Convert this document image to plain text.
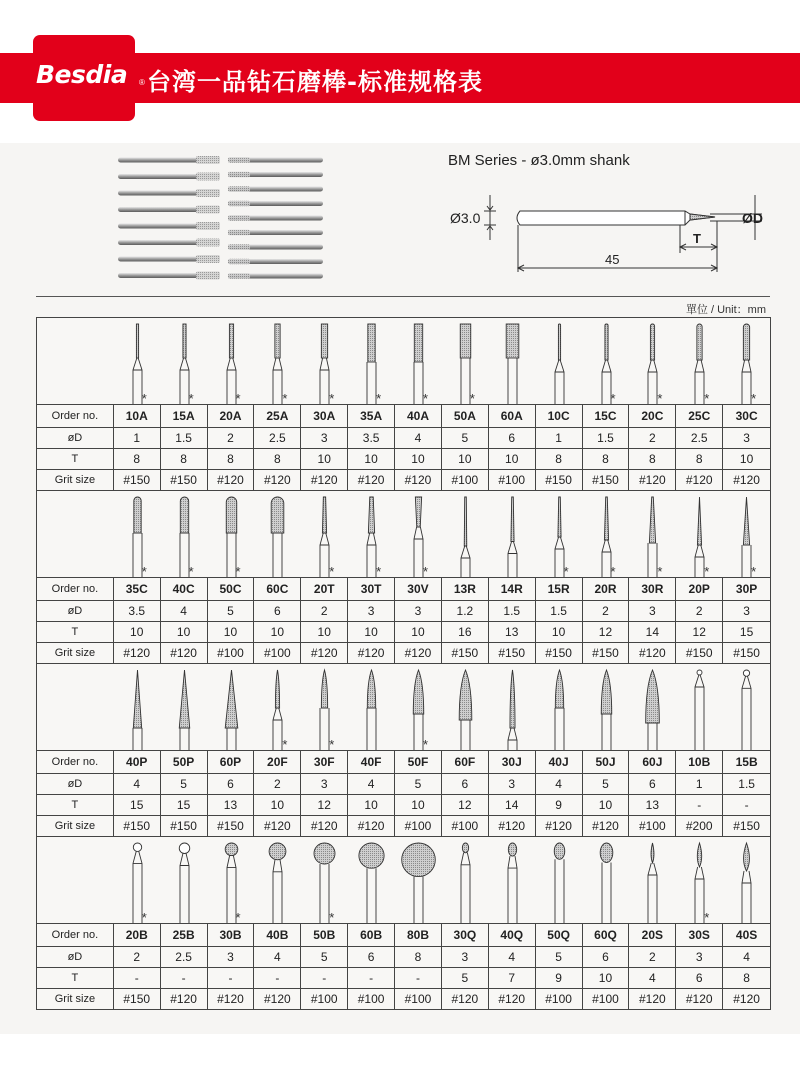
Besdia ® 台湾一品钻石磨棒-标准规格表
BM Series - ø3.0mm shank
Ø3.0	ØD
T
45
單位 / Unit：mm
*	*	*	*	*	*	*	*	*	*	*	*
Order no.	10A	15A	20A	25A	30A	35A	40A	50A	60A	10C	15C	20C	25C	30C
øD	1	1.5	2	2.5	3	3.5	4	5	6	1	1.5	2	2.5	3
T	8	8	8	8	10	10	10	10	10	8	8	8	8	10
Grit size	#150	#150	#120	#120	#120	#120	#120	#100	#100	#150	#150	#120	#120	#120
*	*	*	*	*	*	*	*	*	*	*
Order no.	35C	40C	50C	60C	20T	30T	30V	13R	14R	15R	20R	30R	20P	30P
øD	3.5	4	5	6	2	3	3	1.2	1.5	1.5	2	3	2	3
T	10	10	10	10	10	10	10	16	13	10	12	14	12	15
Grit size	#120	#120	#100	#100	#120	#120	#120	#150	#150	#150	#150	#120	#150	#150
*	*	*
Order no.	40P	50P	60P	20F	30F	40F	50F	60F	30J	40J	50J	60J	10B	15B
øD	4	5	6	2	3	4	5	6	3	4	5	6	1	1.5
T	15	15	13	10	12	10	10	12	14	9	10	13	-	-
Grit size	#150	#150	#150	#120	#120	#120	#100	#100	#120	#120	#120	#100	#200	#150
*	*	*	*
Order no.	20B	25B	30B	40B	50B	60B	80B	30Q	40Q	50Q	60Q	20S	30S	40S
øD	2	2.5	3	4	5	6	8	3	4	5	6	2	3	4
T	-	-	-	-	-	-	-	5	7	9	10	4	6	8
Grit size	#150	#120	#120	#120	#100	#100	#100	#120	#120	#100	#100	#120	#120	#120
